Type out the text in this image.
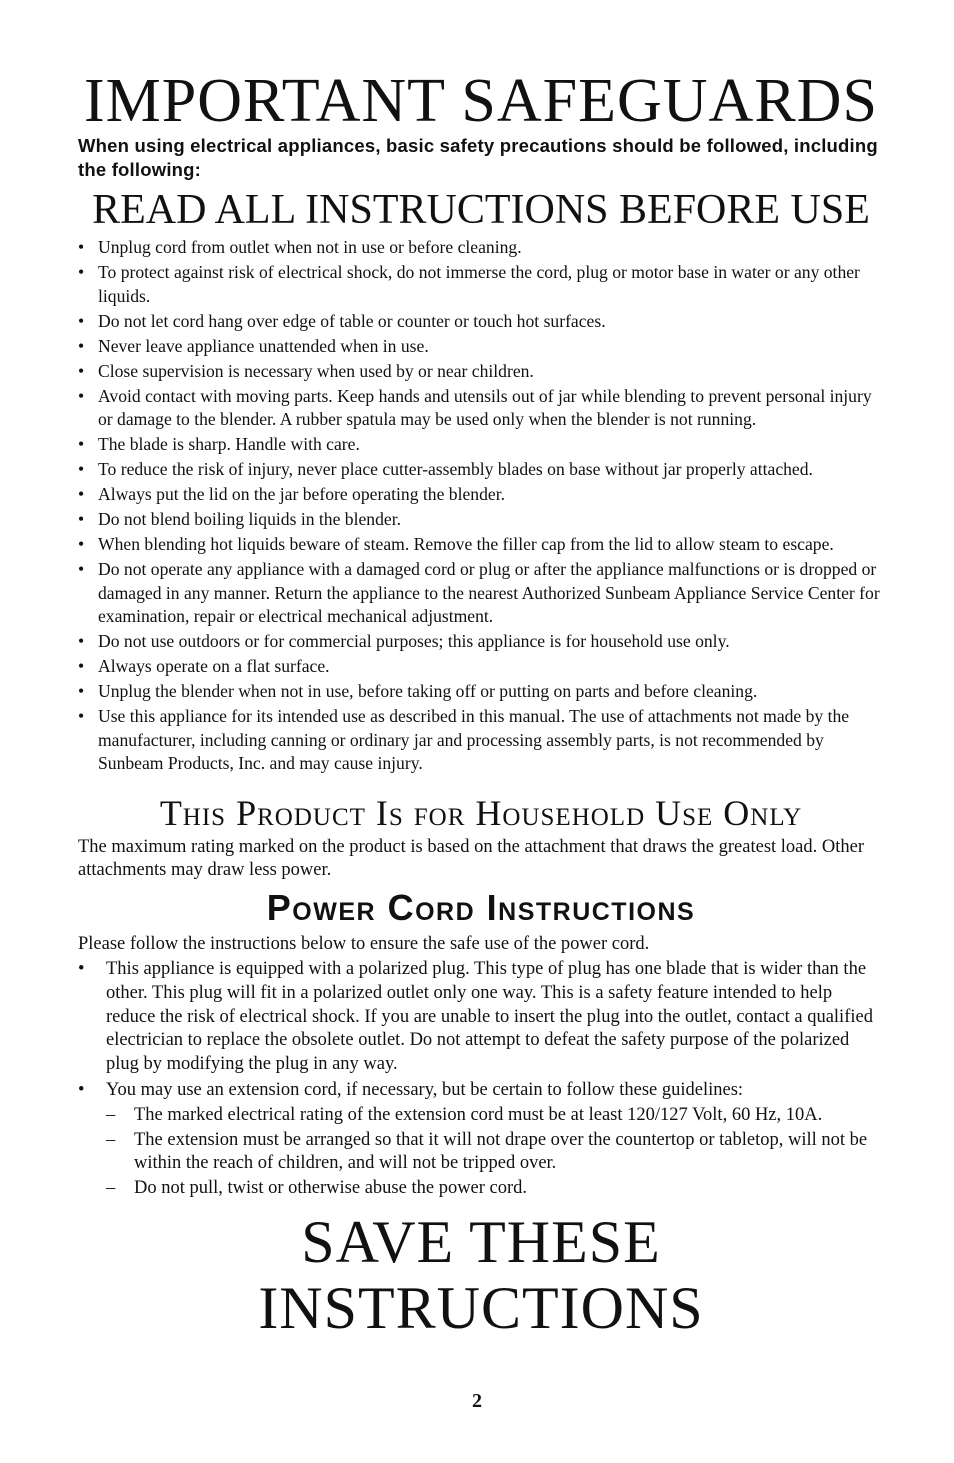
IMPORTANT SAFEGUARDS

When using electrical appliances, basic safety precautions should be followed, including the following:

READ ALL INSTRUCTIONS BEFORE USE
• Unplug cord from outlet when not in use or before cleaning.
• To protect against risk of electrical shock, do not immerse the cord, plug or motor base in water or any other liquids.
• Do not let cord hang over edge of table or counter or touch hot surfaces.
• Never leave appliance unattended when in use.
• Close supervision is necessary when used by or near children.
• Avoid contact with moving parts. Keep hands and utensils out of jar while blending to prevent personal injury or damage to the blender. A rubber spatula may be used only when the blender is not running.
• The blade is sharp. Handle with care.
• To reduce the risk of injury, never place cutter-assembly blades on base without jar properly attached.
• Always put the lid on the jar before operating the blender.
• Do not blend boiling liquids in the blender.
• When blending hot liquids beware of steam. Remove the filler cap from the lid to allow steam to escape.
• Do not operate any appliance with a damaged cord or plug or after the appliance malfunctions or is dropped or damaged in any manner. Return the appliance to the nearest Authorized Sunbeam Appliance Service Center for examination, repair or electrical mechanical adjustment.
• Do not use outdoors or for commercial purposes; this appliance is for household use only.
• Always operate on a flat surface.
• Unplug the blender when not in use, before taking off or putting on parts and before cleaning.
• Use this appliance for its intended use as described in this manual. The use of attachments not made by the manufacturer, including canning or ordinary jar and processing assembly parts, is not recommended by Sunbeam Products, Inc. and may cause injury.
This Product Is for Household Use Only

The maximum rating marked on the product is based on the attachment that draws the greatest load. Other attachments may draw less power.

Power Cord Instructions

Please follow the instructions below to ensure the safe use of the power cord.

• This appliance is equipped with a polarized plug. This type of plug has one blade that is wider than the other. This plug will fit in a polarized outlet only one way. This is a safety feature intended to help reduce the risk of electrical shock. If you are unable to insert the plug into the outlet, contact a qualified electrician to replace the obsolete outlet. Do not attempt to defeat the safety purpose of the polarized plug by modifying the plug in any way.
• You may use an extension cord, if necessary, but be certain to follow these guidelines:
– The marked electrical rating of the extension cord must be at least 120/127 Volt, 60 Hz, 10A.
– The extension must be arranged so that it will not drape over the countertop or tabletop, will not be within the reach of children, and will not be tripped over.
– Do not pull, twist or otherwise abuse the power cord.
SAVE THESE INSTRUCTIONS
2
